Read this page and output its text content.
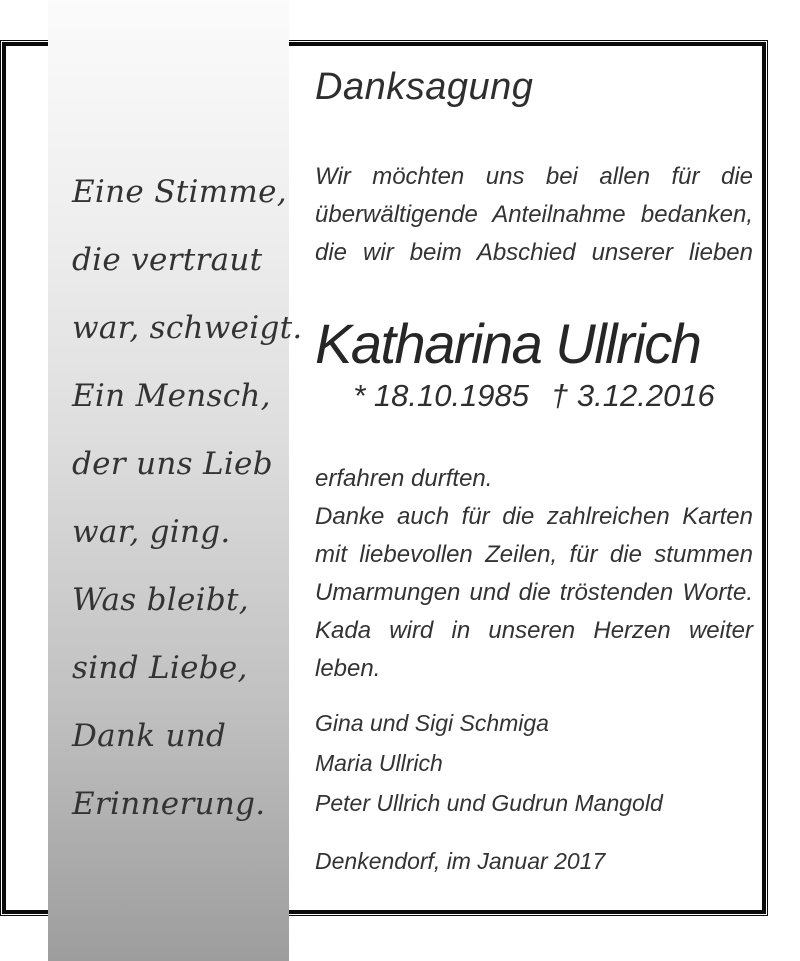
Eine Stimme,
die vertraut
war, schweigt.
Ein Mensch,
der uns Lieb
war, ging.
Was bleibt,
sind Liebe,
Dank und
Erinnerung.
Danksagung
Wir möchten uns bei allen für die
überwältigende Anteilnahme bedanken,
die wir beim Abschied unserer lieben
Katharina Ullrich
* 18.10.1985 † 3.12.2016
erfahren durften.
Danke auch für die zahlreichen Karten
mit liebevollen Zeilen, für die stummen
Umarmungen und die tröstenden Worte.
Kada wird in unseren Herzen weiter
leben.
Gina und Sigi Schmiga
Maria Ullrich
Peter Ullrich und Gudrun Mangold
Denkendorf, im Januar 2017
